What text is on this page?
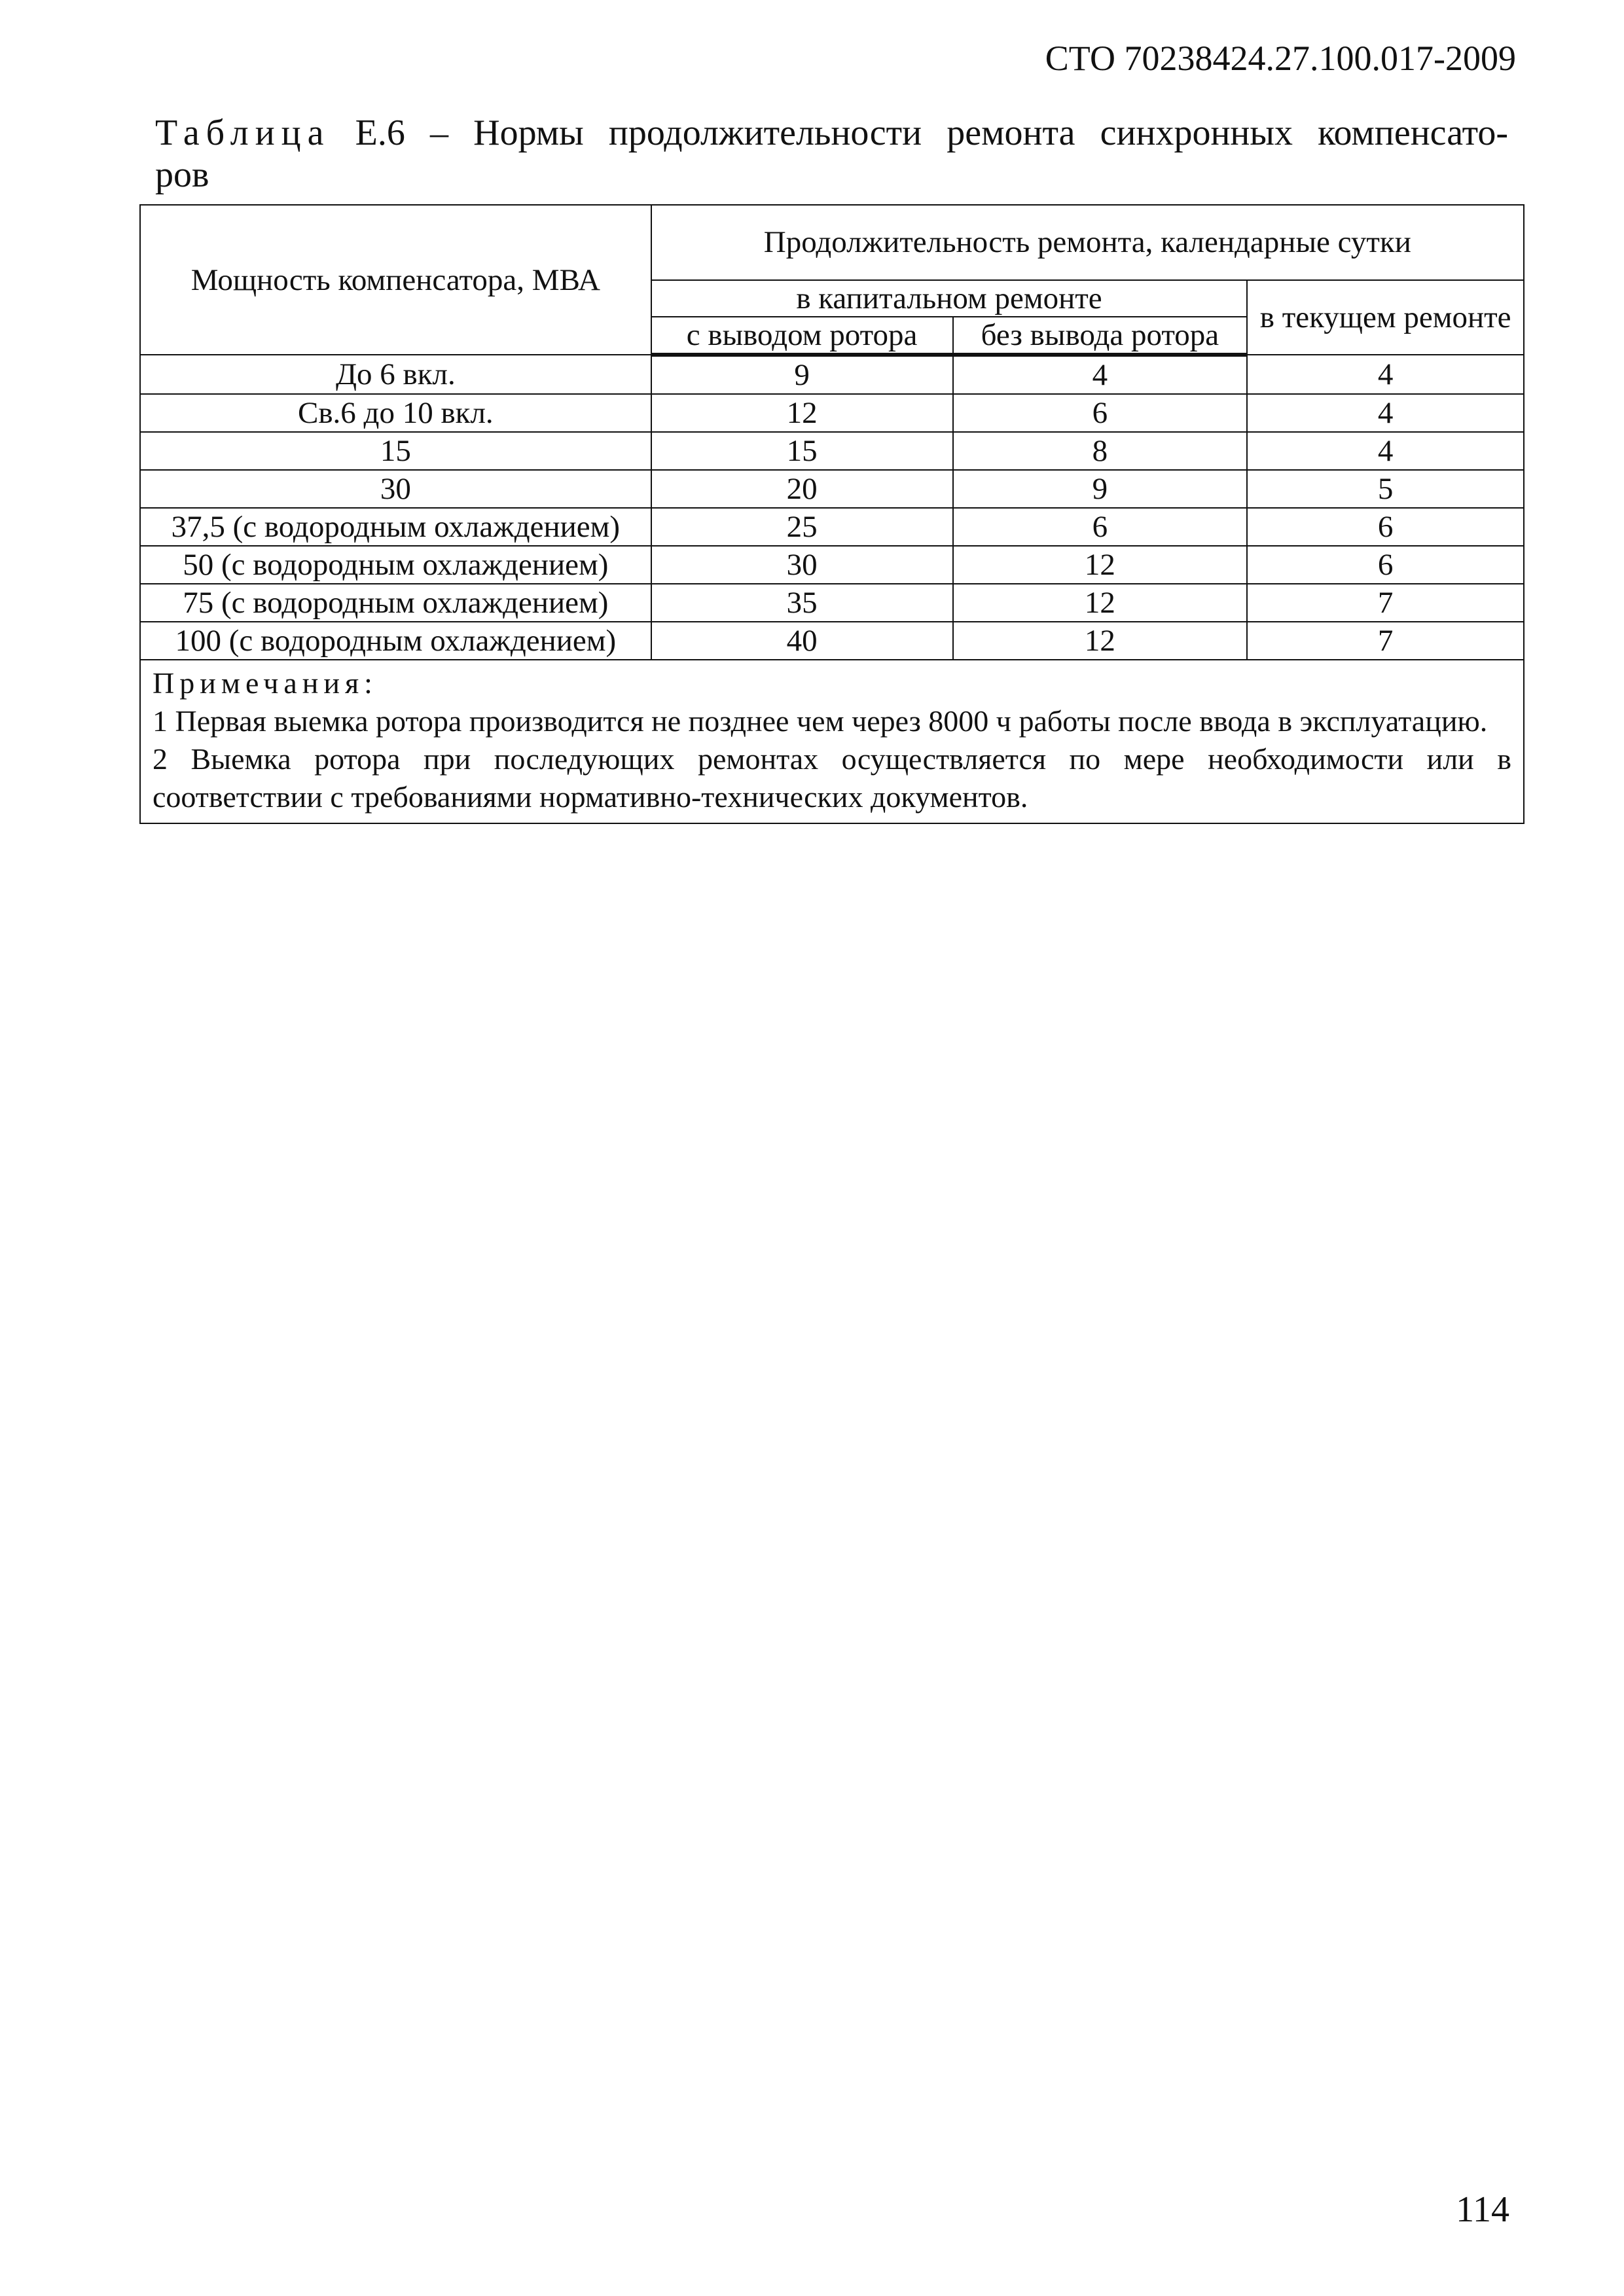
СТО 70238424.27.100.017-2009
Таблица Е.6 – Нормы продолжительности ремонта синхронных компенсато-
ров
Мощность компенсатора, МВА	Продолжительность ремонта, календарные сутки		
	в капитальном ремонте		в текущем ремонте
	с выводом ротора	без вывода ротора	
До 6 вкл.	9	4	4
Св.6 до 10 вкл.	12	6	4
15	15	8	4
30	20	9	5
37,5 (с водородным охлаждением)	25	6	6
50 (с водородным охлаждением)	30	12	6
75 (с водородным охлаждением)	35	12	7
100 (с водородным охлаждением)	40	12	7

Примечания:
1 Первая выемка ротора производится не позднее чем через 8000 ч работы после ввода в эксплуатацию.
2 Выемка ротора при последующих ремонтах осуществляется по мере необходимости или в соответствии с требованиями нормативно-технических документов.			
114
